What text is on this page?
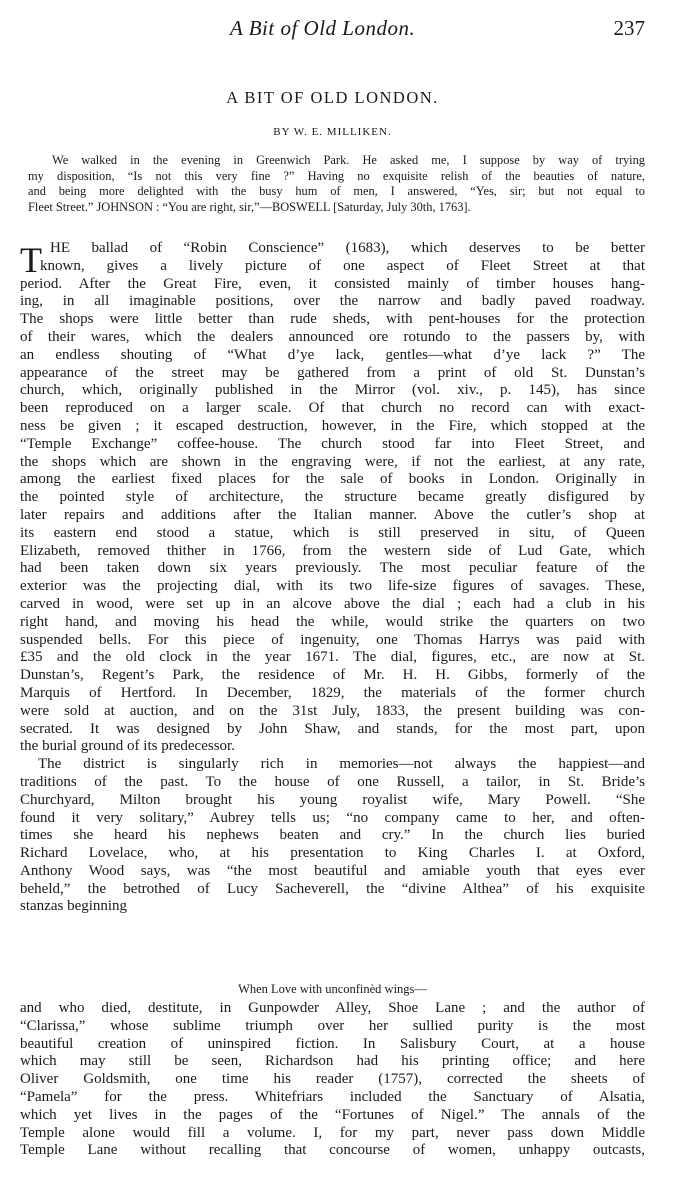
A Bit of Old London.	237
A BIT OF OLD LONDON.
BY W. E. MILLIKEN.
We walked in the evening in Greenwich Park. He asked me, I suppose by way of trying
my disposition, “Is not this very fine ?” Having no exquisite relish of the beauties of nature,
and being more delighted with the busy hum of men, I answered, “Yes, sir; but not equal to
Fleet Street.” JOHNSON : “You are right, sir,”—BOSWELL [Saturday, July 30th, 1763].
T HE ballad of “Robin Conscience” (1683), which deserves to be better
known, gives a lively picture of one aspect of Fleet Street at that
period. After the Great Fire, even, it consisted mainly of timber houses hang-
ing, in all imaginable positions, over the narrow and badly paved roadway.
The shops were little better than rude sheds, with pent-houses for the protection
of their wares, which the dealers announced ore rotundo to the passers by, with
an endless shouting of “What d’ye lack, gentles—what d’ye lack ?” The
appearance of the street may be gathered from a print of old St. Dunstan’s
church, which, originally published in the Mirror (vol. xiv., p. 145), has since
been reproduced on a larger scale. Of that church no record can with exact-
ness be given ; it escaped destruction, however, in the Fire, which stopped at the
“Temple Exchange” coffee-house. The church stood far into Fleet Street, and
the shops which are shown in the engraving were, if not the earliest, at any rate,
among the earliest fixed places for the sale of books in London. Originally in
the pointed style of architecture, the structure became greatly disfigured by
later repairs and additions after the Italian manner. Above the cutler’s shop at
its eastern end stood a statue, which is still preserved in situ, of Queen
Elizabeth, removed thither in 1766, from the western side of Lud Gate, which
had been taken down six years previously. The most peculiar feature of the
exterior was the projecting dial, with its two life-size figures of savages. These,
carved in wood, were set up in an alcove above the dial ; each had a club in his
right hand, and moving his head the while, would strike the quarters on two
suspended bells. For this piece of ingenuity, one Thomas Harrys was paid with
£35 and the old clock in the year 1671. The dial, figures, etc., are now at St.
Dunstan’s, Regent’s Park, the residence of Mr. H. H. Gibbs, formerly of the
Marquis of Hertford. In December, 1829, the materials of the former church
were sold at auction, and on the 31st July, 1833, the present building was con-
secrated. It was designed by John Shaw, and stands, for the most part, upon
the burial ground of its predecessor.
The district is singularly rich in memories—not always the happiest—and
traditions of the past. To the house of one Russell, a tailor, in St. Bride’s
Churchyard, Milton brought his young royalist wife, Mary Powell. “She
found it very solitary,” Aubrey tells us; “no company came to her, and often-
times she heard his nephews beaten and cry.” In the church lies buried
Richard Lovelace, who, at his presentation to King Charles I. at Oxford,
Anthony Wood says, was “the most beautiful and amiable youth that eyes ever
beheld,” the betrothed of Lucy Sacheverell, the “divine Althea” of his exquisite
stanzas beginning
When Love with unconfinèd wings—
and who died, destitute, in Gunpowder Alley, Shoe Lane ; and the author of
“Clarissa,” whose sublime triumph over her sullied purity is the most
beautiful creation of uninspired fiction. In Salisbury Court, at a house
which may still be seen, Richardson had his printing office; and here
Oliver Goldsmith, one time his reader (1757), corrected the sheets of
“Pamela” for the press. Whitefriars included the Sanctuary of Alsatia,
which yet lives in the pages of the “Fortunes of Nigel.” The annals of the
Temple alone would fill a volume. I, for my part, never pass down Middle
Temple Lane without recalling that concourse of women, unhappy outcasts,
